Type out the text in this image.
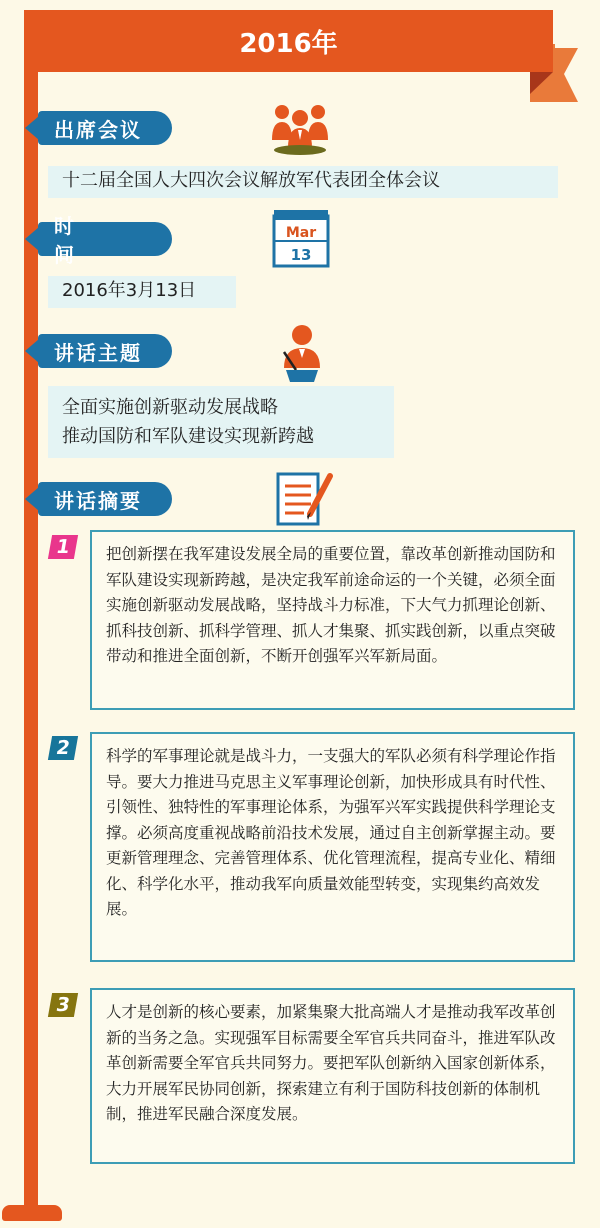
2016年
出席会议
十二届全国人大四次会议解放军代表团全体会议
时　间
Mar
13
2016年3月13日
讲话主题
全面实施创新驱动发展战略
推动国防和军队建设实现新跨越
讲话摘要
1	把创新摆在我军建设发展全局的重要位置，靠改革创新推动国防和军队建设实现新跨越，是决定我军前途命运的一个关键，必须全面实施创新驱动发展战略，坚持战斗力标准，下大气力抓理论创新、抓科技创新、抓科学管理、抓人才集聚、抓实践创新，以重点突破带动和推进全面创新，不断开创强军兴军新局面。
2	科学的军事理论就是战斗力，一支强大的军队必须有科学理论作指导。要大力推进马克思主义军事理论创新，加快形成具有时代性、引领性、独特性的军事理论体系，为强军兴军实践提供科学理论支撑。必须高度重视战略前沿技术发展，通过自主创新掌握主动。要更新管理理念、完善管理体系、优化管理流程，提高专业化、精细化、科学化水平，推动我军向质量效能型转变，实现集约高效发展。
3	人才是创新的核心要素，加紧集聚大批高端人才是推动我军改革创新的当务之急。实现强军目标需要全军官兵共同奋斗，推进军队改革创新需要全军官兵共同努力。要把军队创新纳入国家创新体系，大力开展军民协同创新，探索建立有利于国防科技创新的体制机制，推进军民融合深度发展。
